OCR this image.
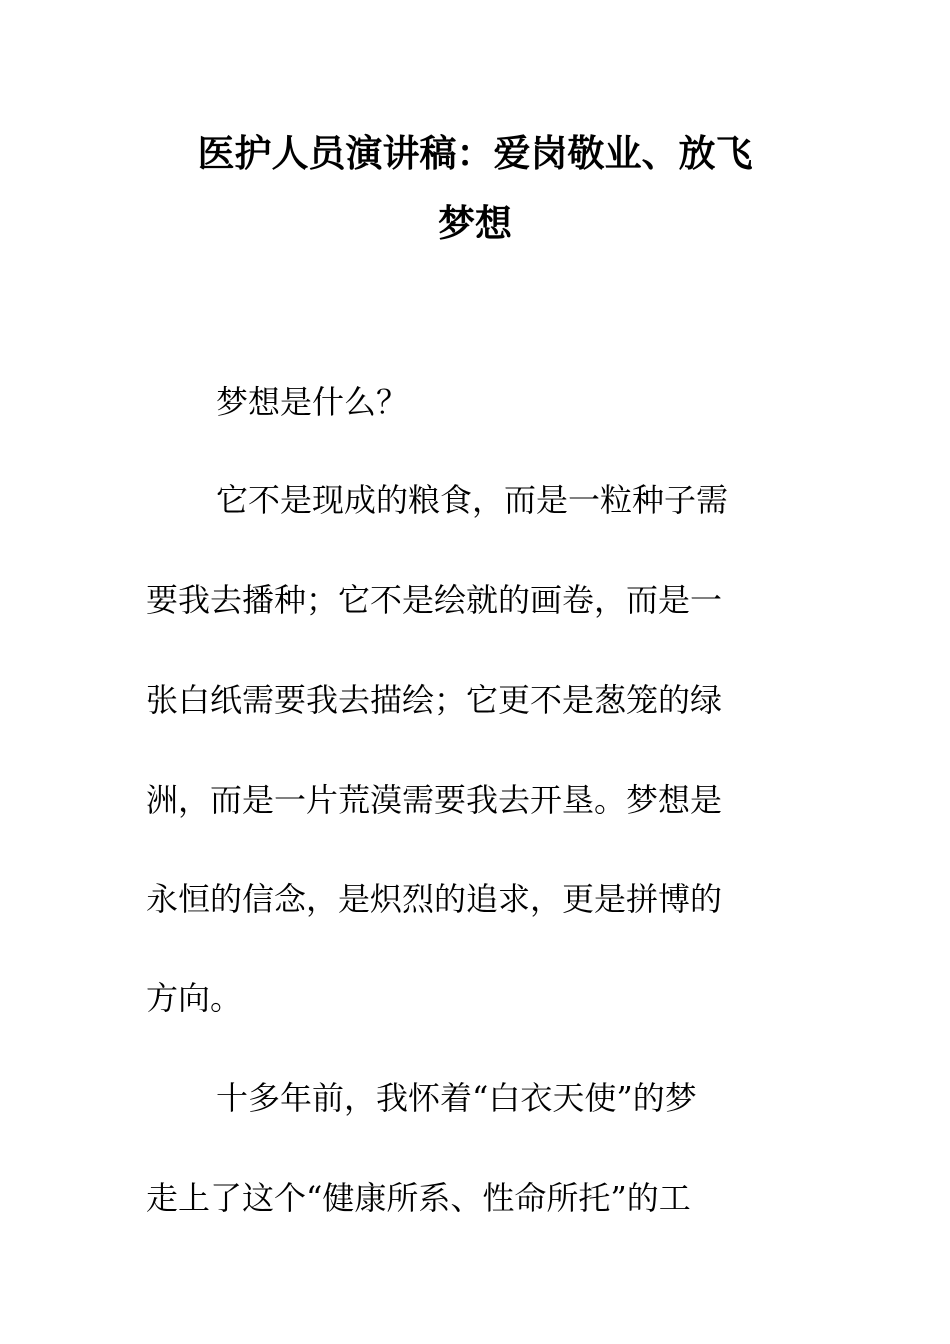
医护人员演讲稿：爱岗敬业、放飞
梦想
梦想是什么？
它不是现成的粮食，而是一粒种子需
要我去播种；它不是绘就的画卷，而是一
张白纸需要我去描绘；它更不是葱笼的绿
洲，而是一片荒漠需要我去开垦。梦想是
永恒的信念，是炽烈的追求，更是拼博的
方向。
十多年前，我怀着“白衣天使”的梦
走上了这个“健康所系、性命所托”的工
